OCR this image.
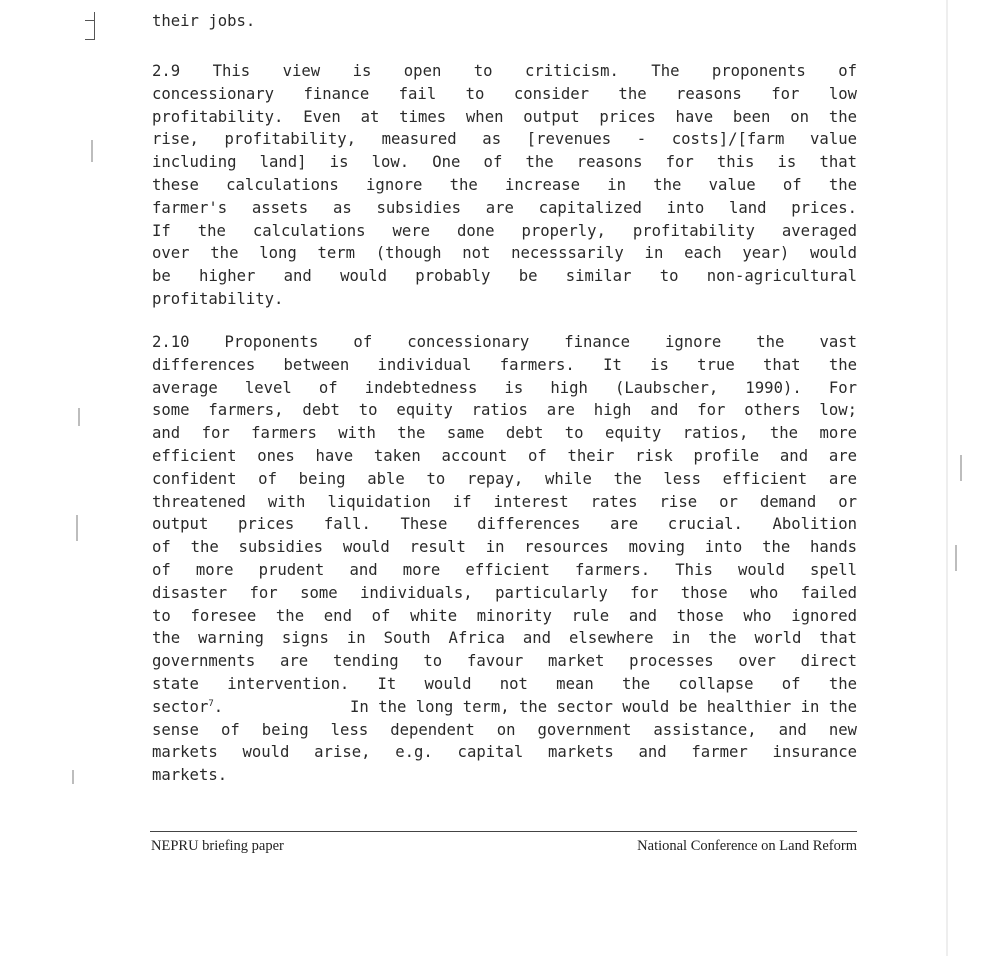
their jobs.
2.9 This view is open to criticism. The proponents of
concessionary finance fail to consider the reasons for low
profitability. Even at times when output prices have been on the
rise, profitability, measured as [revenues - costs]/[farm value
including land] is low. One of the reasons for this is that
these calculations ignore the increase in the value of the
farmer's assets as subsidies are capitalized into land prices.
If the calculations were done properly, profitability averaged
over the long term (though not necesssarily in each year) would
be higher and would probably be similar to non-agricultural
profitability.
2.10 Proponents of concessionary finance ignore the vast
differences between individual farmers. It is true that the
average level of indebtedness is high (Laubscher, 1990). For
some farmers, debt to equity ratios are high and for others low;
and for farmers with the same debt to equity ratios, the more
efficient ones have taken account of their risk profile and are
confident of being able to repay, while the less efficient are
threatened with liquidation if interest rates rise or demand or
output prices fall. These differences are crucial. Abolition
of the subsidies would result in resources moving into the hands
of more prudent and more efficient farmers. This would spell
disaster for some individuals, particularly for those who failed
to foresee the end of white minority rule and those who ignored
the warning signs in South Africa and elsewhere in the world that
governments are tending to favour market processes over direct
state intervention. It would not mean the collapse of the
sector$^7$.	In the long term, the sector would be healthier in the
sense of being less dependent on government assistance, and new
markets would arise, e.g. capital markets and farmer insurance
markets.
NEPRU briefing paper	National Conference on Land Reform
